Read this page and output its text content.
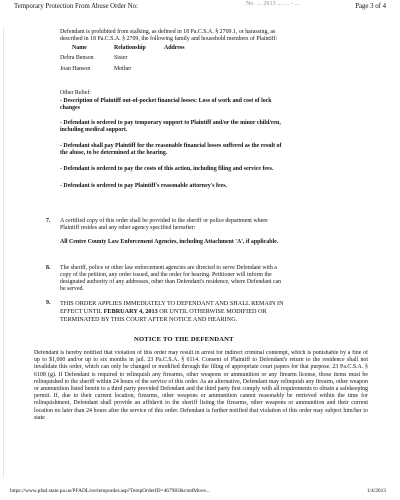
Temporary Protection From Abuse Order No:	No. ... 2013 ... ... - ...	Page 3 of 4
Defendant is prohibited from stalking, as defined in 18 Pa.C.S.A. § 2709.1, or harassing, as
described in 18 Pa.C.S.A. § 2709, the following family and household members of Plaintiff:
Name	Relationship	Address
Debra Benson	Sister
Joan Hanson	Mother
Other Relief:
- Description of Plaintiff out-of-pocket financial losses: Loss of work and cost of lock
changes
- Defendant is ordered to pay temporary support to Plaintiff and/or the minor child/ren,
including medical support.
- Defendant shall pay Plaintiff for the reasonable financial losses suffered as the result of
the abuse, to be determined at the hearing.
- Defendant is ordered to pay the costs of this action, including filing and service fees.
- Defendant is ordered to pay Plaintiff's reasonable attorney's fees.
7. A certified copy of this order shall be provided to the sheriff or police department where
Plaintiff resides and any other agency specified hereafter:
All Centre County Law Enforcement Agencies, including Attachment 'A', if applicable.
8. The sheriff, police or other law enforcement agencies are directed to serve Defendant with a
copy of the petition, any order issued, and the order for hearing. Petitioner will inform the
designated authority of any addresses, other than Defendant's residence, where Defendant can
be served.
9. THIS ORDER APPLIES IMMEDIATELY TO DEFENDANT AND SHALL REMAIN IN
EFFECT UNTIL FEBRUARY 4, 2013 OR UNTIL OTHERWISE MODIFIED OR
TERMINATED BY THIS COURT AFTER NOTICE AND HEARING.
NOTICE TO THE DEFENDANT
Defendant is hereby notified that violation of this order may result in arrest for indirect criminal contempt, which is punishable by a fine of up to $1,000 and/or up to six months in jail. 23 Pa.C.S.A. § 6114. Consent of Plaintiff to Defendant's return to the residence shall not invalidate this order, which can only be changed or modified through the filing of appropriate court papers for that purpose. 23 Pa.C.S.A. § 6108 (g). If Defendant is required to relinquish any firearms, other weapons or ammunition or any firearm license, those items must be relinquished to the sheriff within 24 hours of the service of this order. As an alternative, Defendant may relinquish any firearm, other weapon or ammunition listed herein to a third party provided Defendant and the third party first comply with all requirements to obtain a safekeeping permit. If, due to their current location, firearms, other weapons or ammunition cannot reasonably be retrieved within the time for relinquishment, Defendant shall provide an affidavit to the sheriff listing the firearms, other weapons or ammunition and their current location no later than 24 hours after the service of this order. Defendant is further notified that violation of this order may subject him/her to state
https://www.pfad.state.pa.us/PFADLive/temporder.asp?TempOrderID=467983&cmdMove...	1/4/2013
